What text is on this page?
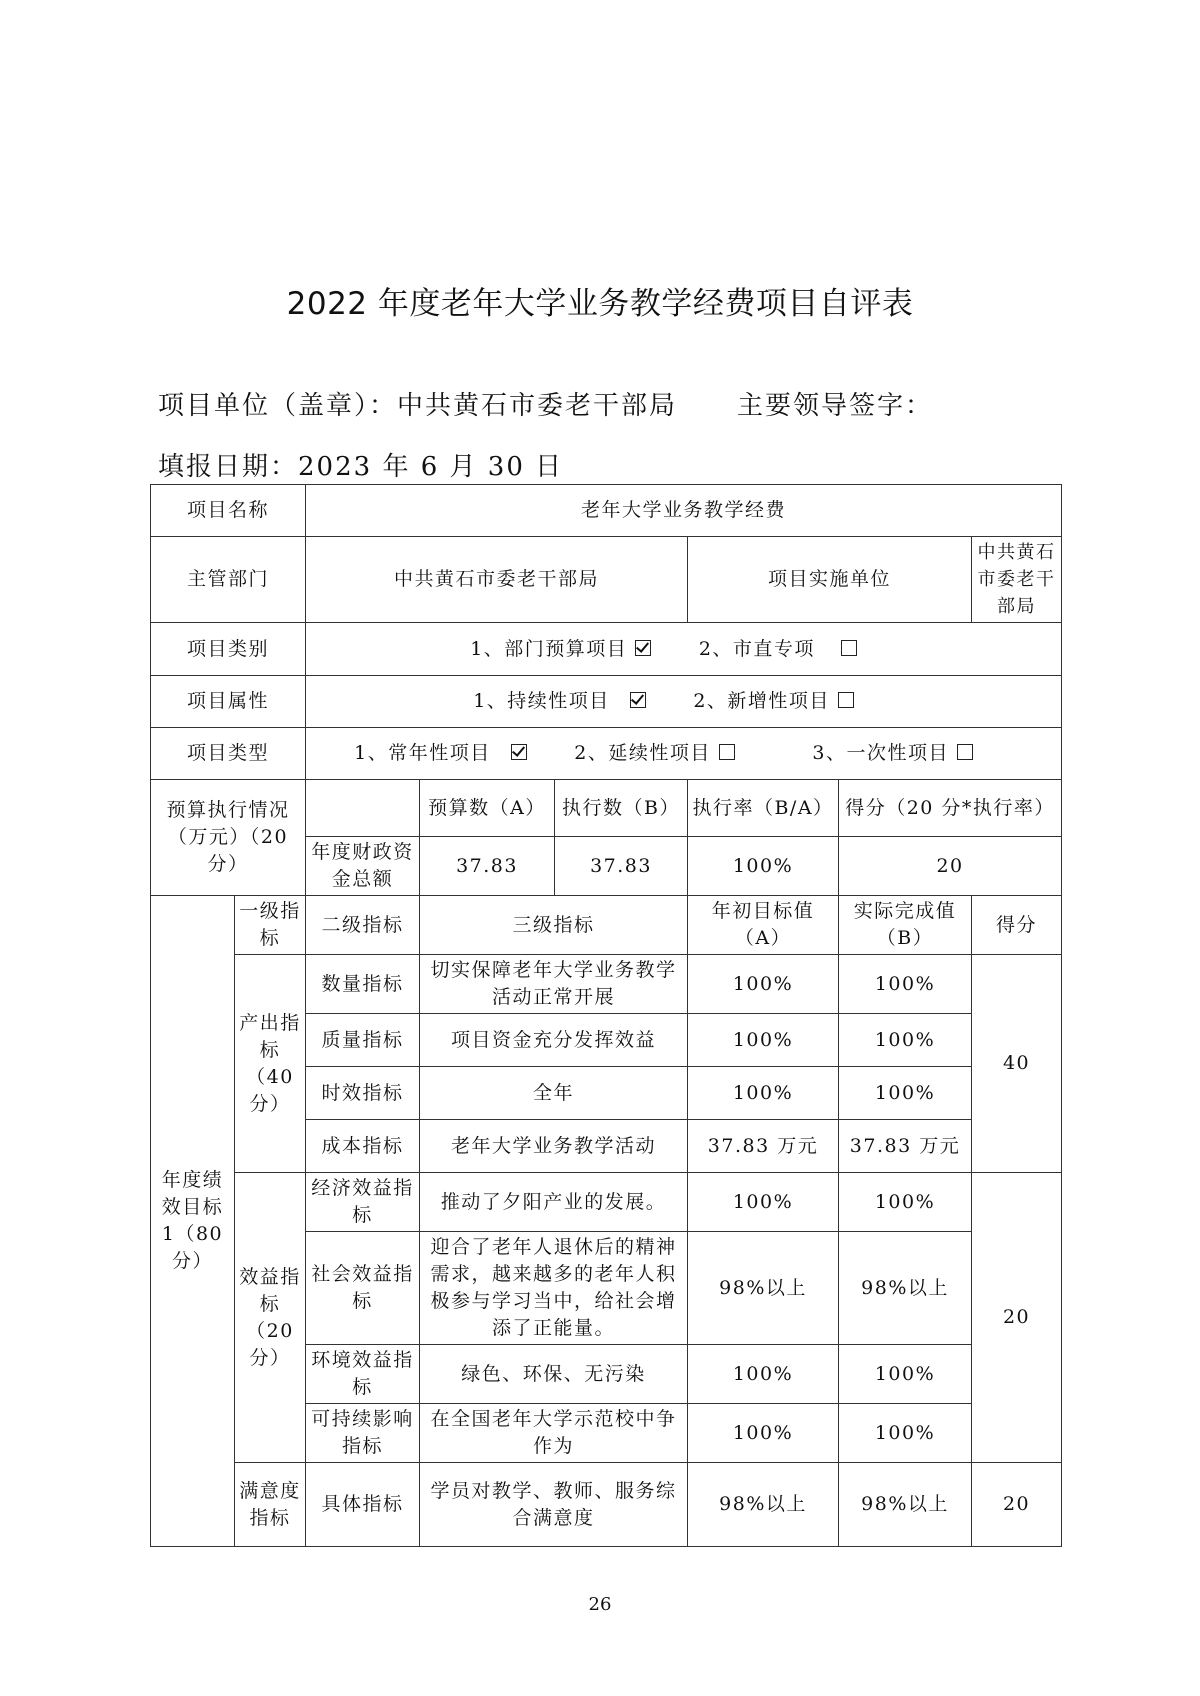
2022 年度老年大学业务教学经费项目自评表
项目单位（盖章）：中共黄石市委老干部局 主要领导签字：
填报日期：2023 年 6 月 30 日
项目名称		老年大学业务教学经费					
主管部门		中共黄石市委老干部局			项目实施单位		中共黄石市委老干部局
项目类别		1、部门预算项目 2、市直专项					
项目属性		1、持续性项目 2、新增性项目					
项目类型		1、常年性项目 2、延续性项目 3、一次性项目					
预算执行情况（万元）（20 分）			预算数（A）	执行数（B）	执行率（B/A）	得分（20 分*执行率）	
		年度财政资金总额	37.83	37.83	100%	20	
年度绩效目标 1（80 分）	一级指标	二级指标	三级指标		年初目标值（A）	实际完成值（B）	得分
	产出指标（40 分）	数量指标	切实保障老年大学业务教学活动正常开展		100%	100%	40
		质量指标	项目资金充分发挥效益		100%	100%	
		时效指标	全年		100%	100%	
		成本指标	老年大学业务教学活动		37.83 万元	37.83 万元	
	效益指标（20 分）	经济效益指标	推动了夕阳产业的发展。		100%	100%	20
		社会效益指标	迎合了老年人退休后的精神需求，越来越多的老年人积极参与学习当中，给社会增添了正能量。		98%以上	98%以上	
		环境效益指标	绿色、环保、无污染		100%	100%	
		可持续影响指标	在全国老年大学示范校中争作为		100%	100%	
	满意度指标	具体指标	学员对教学、教师、服务综合满意度		98%以上	98%以上	20
26
